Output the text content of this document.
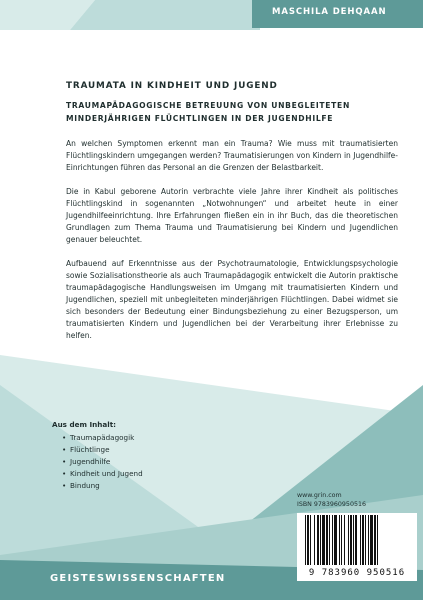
MASCHILA DEHQAAN
TRAUMATA IN KINDHEIT UND JUGEND
TRAUMAPÄDAGOGISCHE BETREUUNG VON UNBEGLEITETEN MINDERJÄHRIGEN FLÜCHTLINGEN IN DER JUGENDHILFE

An welchen Symptomen erkennt man ein Trauma? Wie muss mit traumatisierten Flüchtlingskindern umgegangen werden? Traumatisierungen von Kindern in Jugendhilfe-Einrichtungen führen das Personal an die Grenzen der Belastbarkeit.

Die in Kabul geborene Autorin verbrachte viele Jahre ihrer Kindheit als politisches Flüchtlingskind in sogenannten „Notwohnungen“ und arbeitet heute in einer Jugendhilfeeinrichtung. Ihre Erfahrungen fließen ein in ihr Buch, das die theoretischen Grundlagen zum Thema Trauma und Traumatisierung bei Kindern und Jugendlichen genauer beleuchtet.

Aufbauend auf Erkenntnisse aus der Psychotraumatologie, Entwicklungspsychologie sowie Sozialisationstheorie als auch Traumapädagogik entwickelt die Autorin praktische traumapädagogische Handlungsweisen im Umgang mit traumatisierten Kindern und Jugendlichen, speziell mit unbegleiteten minderjährigen Flüchtlingen. Dabei widmet sie sich besonders der Bedeutung einer Bindungsbeziehung zu einer Bezugsperson, um traumatisierten Kindern und Jugendlichen bei der Verarbeitung ihrer Erlebnisse zu helfen.

Aus dem Inhalt:
• Traumapädagogik
• Flüchtlinge
• Jugendhilfe
• Kindheit und Jugend
• Bindung
www.grin.com
ISBN 9783960950516
9 783960 950516
GEISTESWISSENSCHAFTEN
